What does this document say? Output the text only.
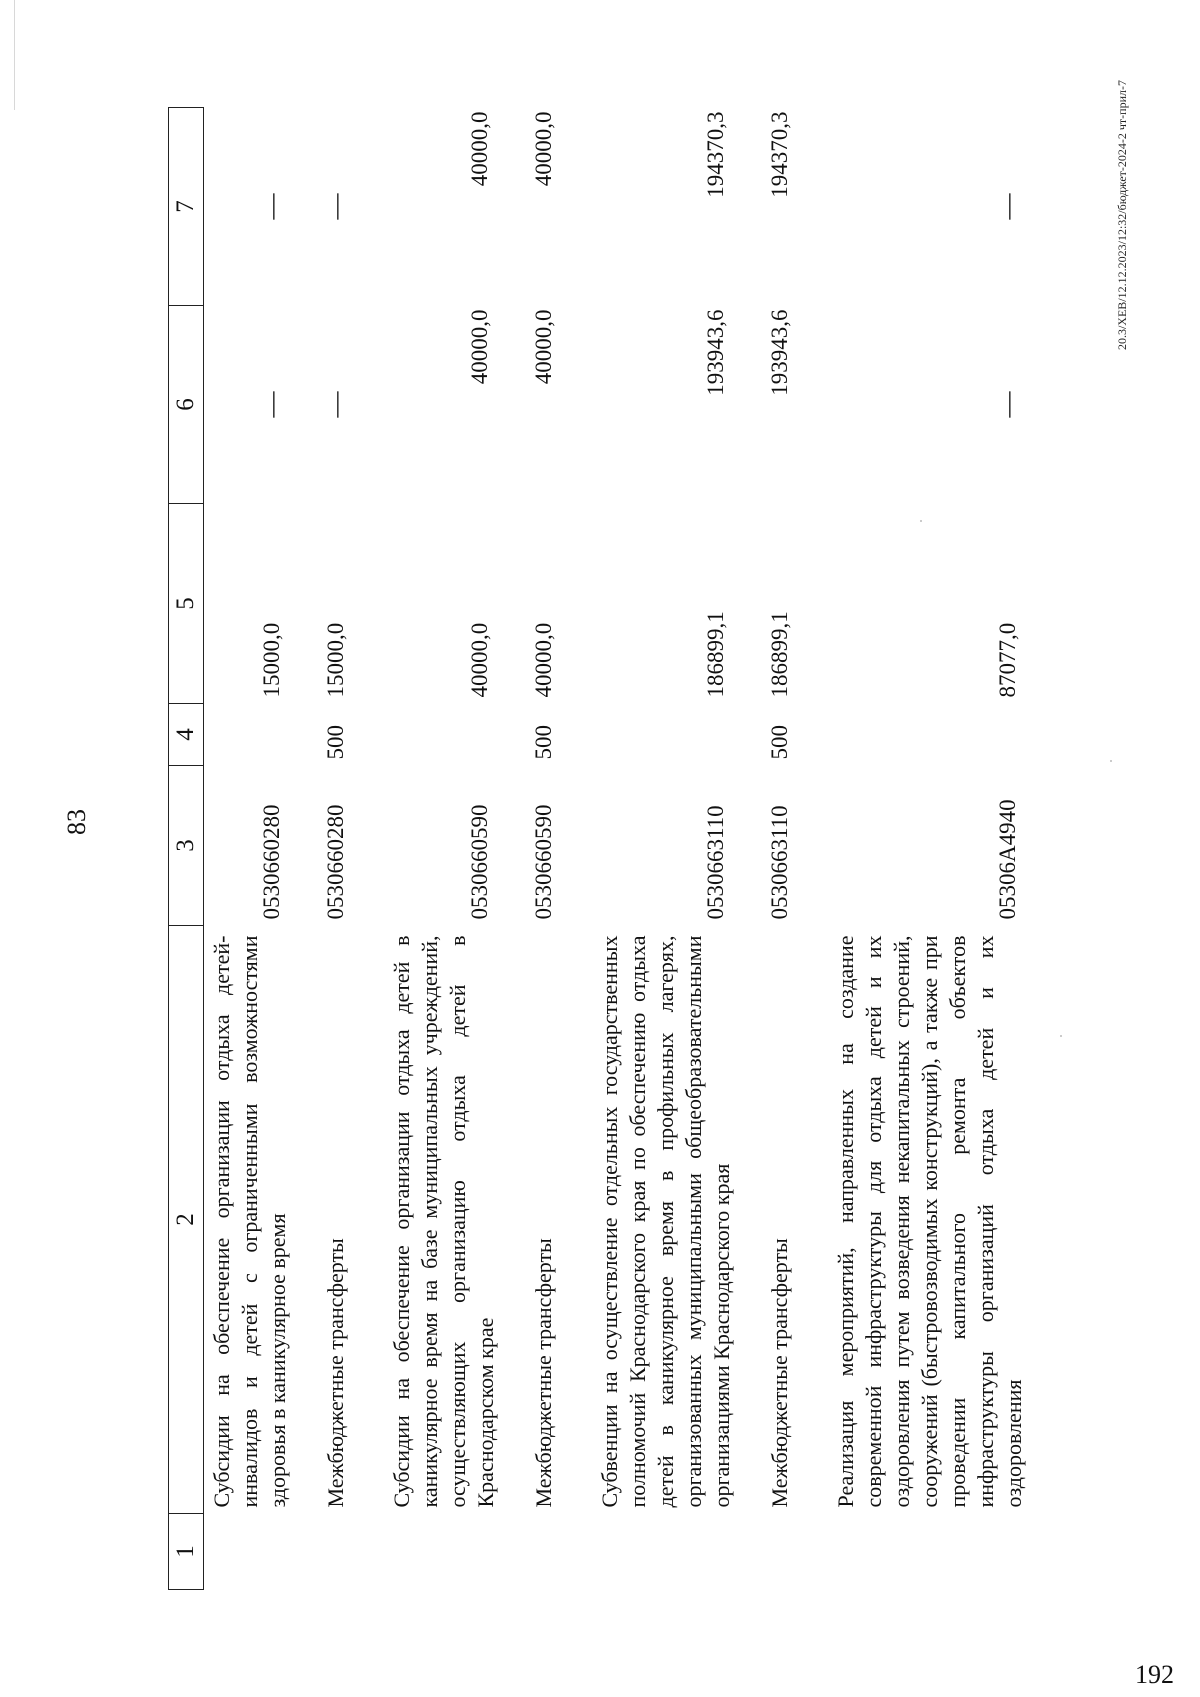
83
1	2	3	4	5	6	7
	Субсидии на обеспечение организации отдыха детей-инвалидов и детей с ограниченными возможностями здоровья в каникулярное время	0530660280		15000,0	—	—

	Межбюджетные трансферты	0530660280	500	15000,0	—	—

	Субсидии на обеспечение организации отдыха детей в каникулярное время на базе муниципальных учреждений, осуществляющих организацию отдыха детей в Краснодарском крае	0530660590		40000,0	40000,0	40000,0

	Межбюджетные трансферты	0530660590	500	40000,0	40000,0	40000,0

	Субвенции на осуществление отдельных государственных полномочий Краснодарского края по обеспечению отдыха детей в каникулярное время в профильных лагерях, организованных муниципальными общеобразовательными организациями Краснодарского края	0530663110		186899,1	193943,6	194370,3

	Межбюджетные трансферты	0530663110	500	186899,1	193943,6	194370,3

	Реализация мероприятий, направленных на создание современной инфраструктуры для отдыха детей и их оздоровления путем возведения некапитальных строений, сооружений (быстровозводимых конструкций), а также при проведении капитального ремонта объектов инфраструктуры организаций отдыха детей и их оздоровления	05306А4940		87077,0	—	—	20.3/ХЕВ/12.12.2023/12:32/бюджет-2024-2 чт-прил-7
192
